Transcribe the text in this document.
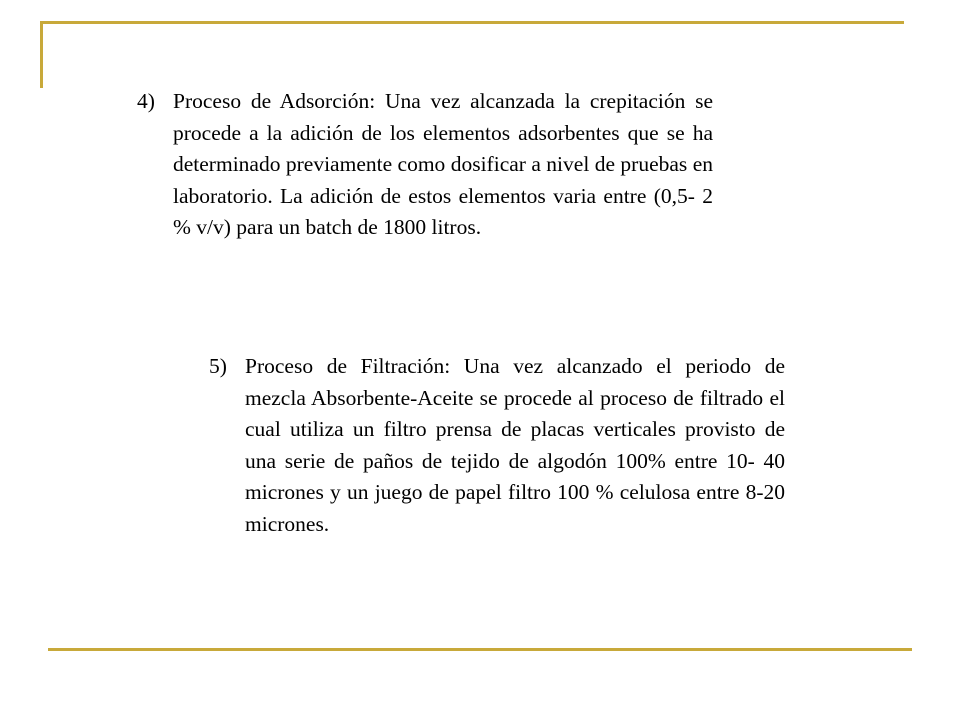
4) Proceso de Adsorción: Una vez alcanzada la crepitación se procede a la adición de los elementos adsorbentes que se ha determinado previamente como dosificar a nivel de pruebas en laboratorio. La adición de estos elementos varia entre (0,5- 2 % v/v) para un batch de 1800 litros.
5) Proceso de Filtración: Una vez alcanzado el periodo de mezcla Absorbente-Aceite se procede al proceso de filtrado el cual utiliza un filtro prensa de placas verticales provisto de una serie de paños de tejido de algodón 100% entre 10- 40 micrones y un juego de papel filtro 100 % celulosa entre 8-20 micrones.
